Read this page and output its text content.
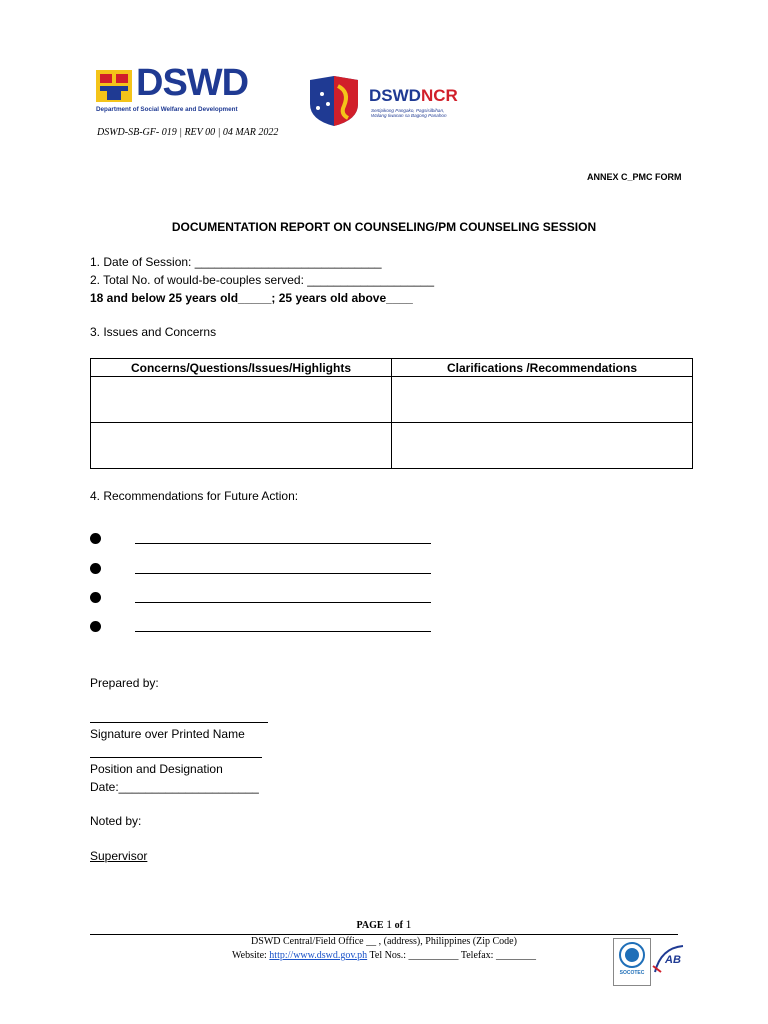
DSWD
Department of Social Welfare and Development
DSWDNCR
Sertipikong Pangako, Pagsisilbihan, Walang Iiwanan sa Bagong Panahon
DSWD-SB-GF- 019 | REV 00 | 04 MAR 2022
ANNEX C_PMC FORM
DOCUMENTATION REPORT ON COUNSELING/PM COUNSELING SESSION
1. Date of Session: ____________________________
2. Total No. of would-be-couples served: ___________________
18 and below 25 years old_____; 25 years old above____
3. Issues and Concerns
Concerns/Questions/Issues/Highlights	Clarifications /Recommendations

4. Recommendations for Future Action:
Prepared by:
Signature over Printed Name
Position and Designation
Date:_____________________
Noted by:
Supervisor
PAGE 1 of 1
DSWD Central/Field Office __ , (address), Philippines (Zip Code)
Website: http://www.dswd.gov.ph Tel Nos.: __________ Telefax: ________
SOCOTEC
AB
